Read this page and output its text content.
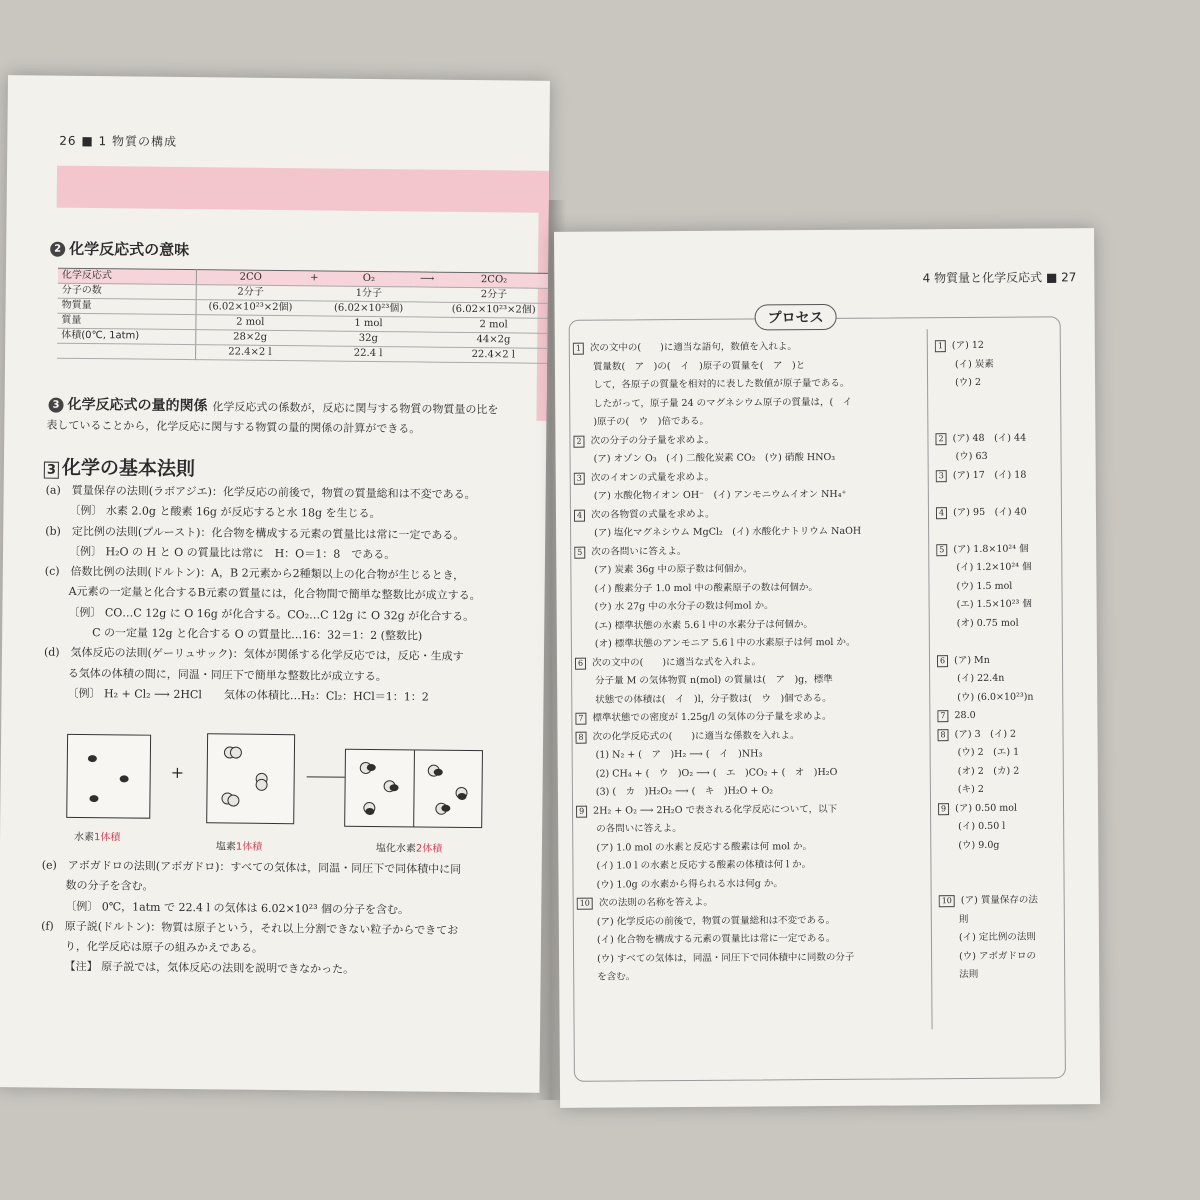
26 ■ 1 物質の構成
2 化学反応式の意味
化学反応式	2CO	+	O₂	⟶	2CO₂
分子の数	2分子		1分子		2分子
物質量	(6.02×10²³×2個)		(6.02×10²³個)		(6.02×10²³×2個)
質量	2 mol		1 mol		2 mol
体積(0℃, 1atm)	28×2g		32g		44×2g
	22.4×2 l		22.4 l		22.4×2 l
3 化学反応式の量的関係 化学反応式の係数が，反応に関与する物質の物質量の比を
表していることから，化学反応に関与する物質の量的関係の計算ができる。
3 化学の基本法則
(a)　質量保存の法則(ラボアジエ)：化学反応の前後で，物質の質量総和は不変である。
〔例〕 水素 2.0g と酸素 16g が反応すると水 18g を生じる。
(b)　定比例の法則(プルースト)：化合物を構成する元素の質量比は常に一定である。
〔例〕 H₂O の H と O の質量比は常に　H：O＝1：8　である。
(c)　倍数比例の法則(ドルトン)：A，B 2元素から2種類以上の化合物が生じるとき，
A元素の一定量と化合するB元素の質量には，化合物間で簡単な整数比が成立する。
〔例〕 CO…C 12g に O 16g が化合する。CO₂…C 12g に O 32g が化合する。
C の一定量 12g と化合する O の質量比…16：32＝1：2 (整数比)
(d)　気体反応の法則(ゲーリュサック)：気体が関係する化学反応では，反応・生成す
る気体の体積の間に，同温・同圧下で簡単な整数比が成立する。
〔例〕 H₂ + Cl₂ ⟶ 2HCl　　気体の体積比…H₂：Cl₂：HCl＝1：1：2
+
水素1体積
塩素1体積	塩化水素2体積
(e)　アボガドロの法則(アボガドロ)：すべての気体は，同温・同圧下で同体積中に同
数の分子を含む。
〔例〕 0℃，1atm で 22.4 l の気体は 6.02×10²³ 個の分子を含む。
(f)　原子説(ドルトン)：物質は原子という，それ以上分割できない粒子からできてお
り，化学反応は原子の組みかえである。
【注】 原子説では，気体反応の法則を説明できなかった。
4 物質量と化学反応式 ■ 27
プロセス
1 次の文中の(　　)に適当な語句，数値を入れよ。
質量数(　ア　)の(　イ　)原子の質量を(　ア　)と
して，各原子の質量を相対的に表した数値が原子量である。
したがって，原子量 24 のマグネシウム原子の質量は，(　イ
)原子の(　ウ　)倍である。
2 次の分子の分子量を求めよ。
(ア) オゾン O₃　(イ) 二酸化炭素 CO₂　(ウ) 硝酸 HNO₃
3 次のイオンの式量を求めよ。
(ア) 水酸化物イオン OH⁻　(イ) アンモニウムイオン NH₄⁺
4 次の各物質の式量を求めよ。
(ア) 塩化マグネシウム MgCl₂　(イ) 水酸化ナトリウム NaOH
5 次の各問いに答えよ。
(ア) 炭素 36g 中の原子数は何個か。
(イ) 酸素分子 1.0 mol 中の酸素原子の数は何個か。
(ウ) 水 27g 中の水分子の数は何mol か。
(エ) 標準状態の水素 5.6 l 中の水素分子は何個か。
(オ) 標準状態のアンモニア 5.6 l 中の水素原子は何 mol か。
6 次の文中の(　　)に適当な式を入れよ。
分子量 M の気体物質 n(mol) の質量は(　ア　)g，標準
状態での体積は(　イ　)l，分子数は(　ウ　)個である。
7 標準状態での密度が 1.25g/l の気体の分子量を求めよ。
8 次の化学反応式の(　　)に適当な係数を入れよ。
(1) N₂ + (　ア　)H₂ ⟶ (　イ　)NH₃
(2) CH₄ + (　ウ　)O₂ ⟶ (　エ　)CO₂ + (　オ　)H₂O
(3) (　カ　)H₂O₂ ⟶ (　キ　)H₂O + O₂
9 2H₂ + O₂ ⟶ 2H₂O で表される化学反応について，以下
の各問いに答えよ。
(ア) 1.0 mol の水素と反応する酸素は何 mol か。
(イ) 1.0 l の水素と反応する酸素の体積は何 l か。
(ウ) 1.0g の水素から得られる水は何g か。
10 次の法則の名称を答えよ。
(ア) 化学反応の前後で，物質の質量総和は不変である。
(イ) 化合物を構成する元素の質量比は常に一定である。
(ウ) すべての気体は，同温・同圧下で同体積中に同数の分子
を含む。
1 (ア) 12
(イ) 炭素
(ウ) 2
2 (ア) 48　(イ) 44
(ウ) 63
3 (ア) 17　(イ) 18
4 (ア) 95　(イ) 40
5 (ア) 1.8×10²⁴ 個
(イ) 1.2×10²⁴ 個
(ウ) 1.5 mol
(エ) 1.5×10²³ 個
(オ) 0.75 mol
6 (ア) Mn
(イ) 22.4n
(ウ) (6.0×10²³)n
7 28.0
8 (ア) 3　(イ) 2
(ウ) 2　(エ) 1
(オ) 2　(カ) 2
(キ) 2
9 (ア) 0.50 mol
(イ) 0.50 l
(ウ) 9.0g
10 (ア) 質量保存の法
則
(イ) 定比例の法則
(ウ) アボガドロの
法則
